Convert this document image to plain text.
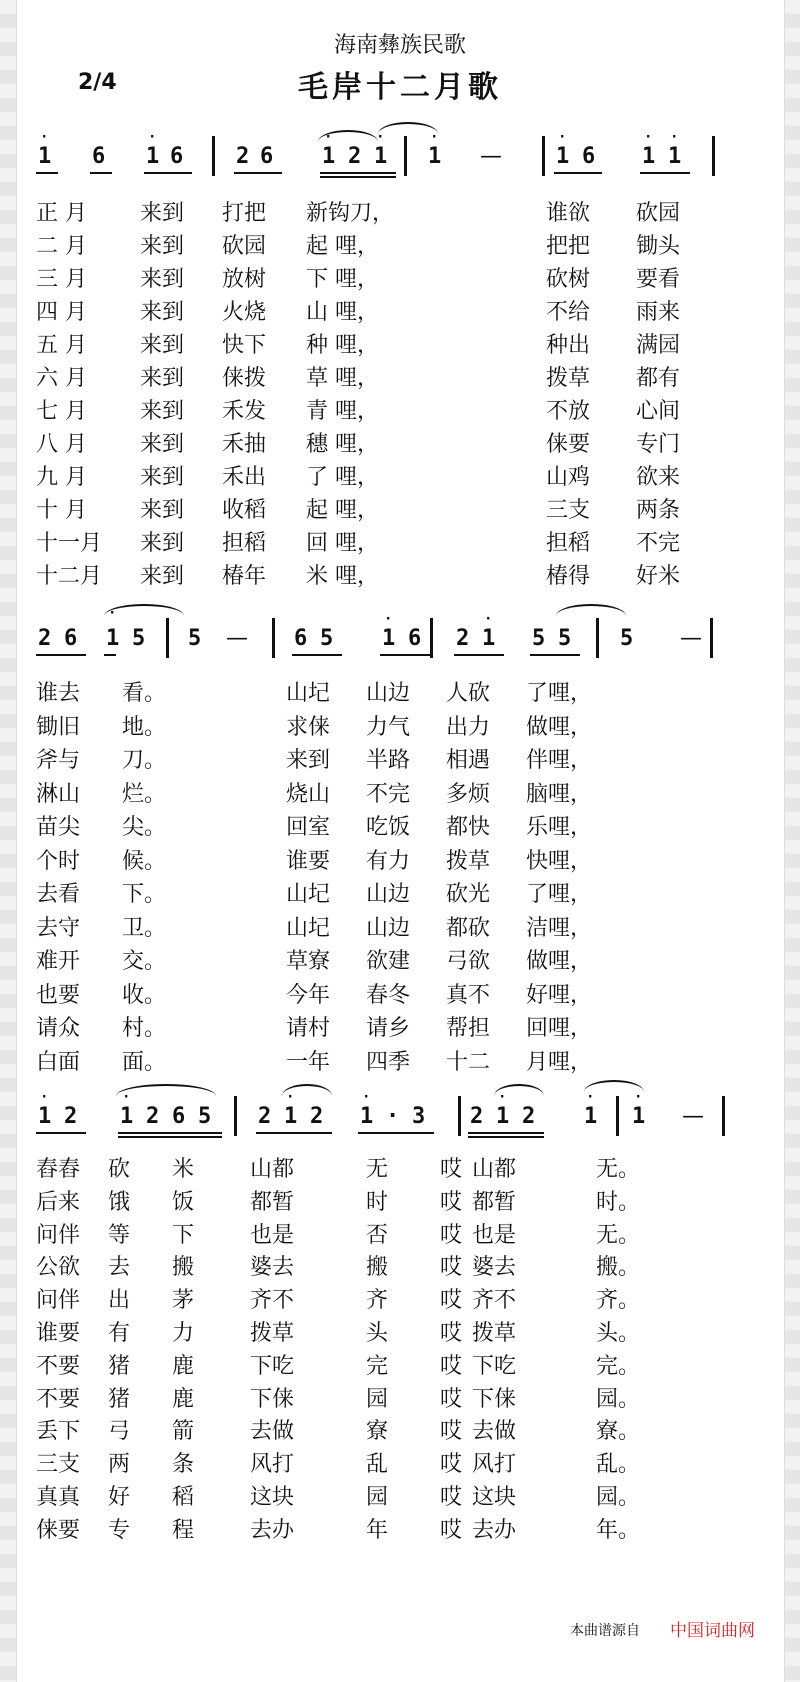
海南彝族民歌
毛岸十二月歌
2/4
1 6 1 6 2 6 1 2 1 1 — 1 6 1 1
·	·	·	·	·	·	· ·
正 月 来到 打把 新钩刀，	谁欲 砍园
二 月 来到 砍园 起 哩，	把把 锄头
三 月 来到 放树 下 哩，	砍树 要看
四 月 来到 火烧 山 哩，	不给 雨来
五 月 来到 快下 种 哩，	种出 满园
六 月 来到 俫拨 草 哩，	拨草 都有
七 月 来到 禾发 青 哩，	不放 心间
八 月 来到 禾抽 穗 哩，	俫要 专门
九 月 来到 禾出 了 哩，	山鸡 欲来
十 月 来到 收稻 起 哩，	三支 两条
十一月 来到 担稻 回 哩，	担稻 不完
十二月 来到 椿年 米 哩，	椿得 好米
2 6 1 5 5 — 6 5 1 6 2 1 5 5 5 —
·	·	·
谁去 看。	山圮 山边 人砍 了哩，
锄旧 地。	求俫 力气 出力 做哩，
斧与 刀。	来到 半路 相遇 伴哩，
淋山 烂。	烧山 不完 多烦 脑哩，
苗尖 尖。	回室 吃饭 都快 乐哩，
个时 候。	谁要 有力 拨草 快哩，
去看 下。	山圮 山边 砍光 了哩，
去守 卫。	山圮 山边 都砍 洁哩，
难开 交。	草寮 欲建 弓欲 做哩，
也要 收。	今年 春冬 真不 好哩，
请众 村。	请村 请乡 帮担 回哩，
白面 面。	一年 四季 十二 月哩，
1 2 1 2 6 5 2 1 2 1 · 3 2 1 2 1 1 —
·	·	·	·	·	·	·
舂舂 砍 米	山都	无 哎 山都	无。
后来 饿 饭	都暂	时 哎 都暂	时。
问伴 等 下	也是	否 哎 也是	无。
公欲 去 搬	婆去	搬 哎 婆去	搬。
问伴 出 茅	齐不	齐 哎 齐不	齐。
谁要 有 力	拨草	头 哎 拨草	头。
不要 猪 鹿	下吃	完 哎 下吃	完。
不要 猪 鹿	下俫	园 哎 下俫	园。
丢下 弓 箭	去做	寮 哎 去做	寮。
三支 两 条	风打	乱 哎 风打	乱。
真真 好 稻	这块	园 哎 这块	园。
俫要 专 程	去办	年 哎 去办	年。
本曲谱源自 中国词曲网
